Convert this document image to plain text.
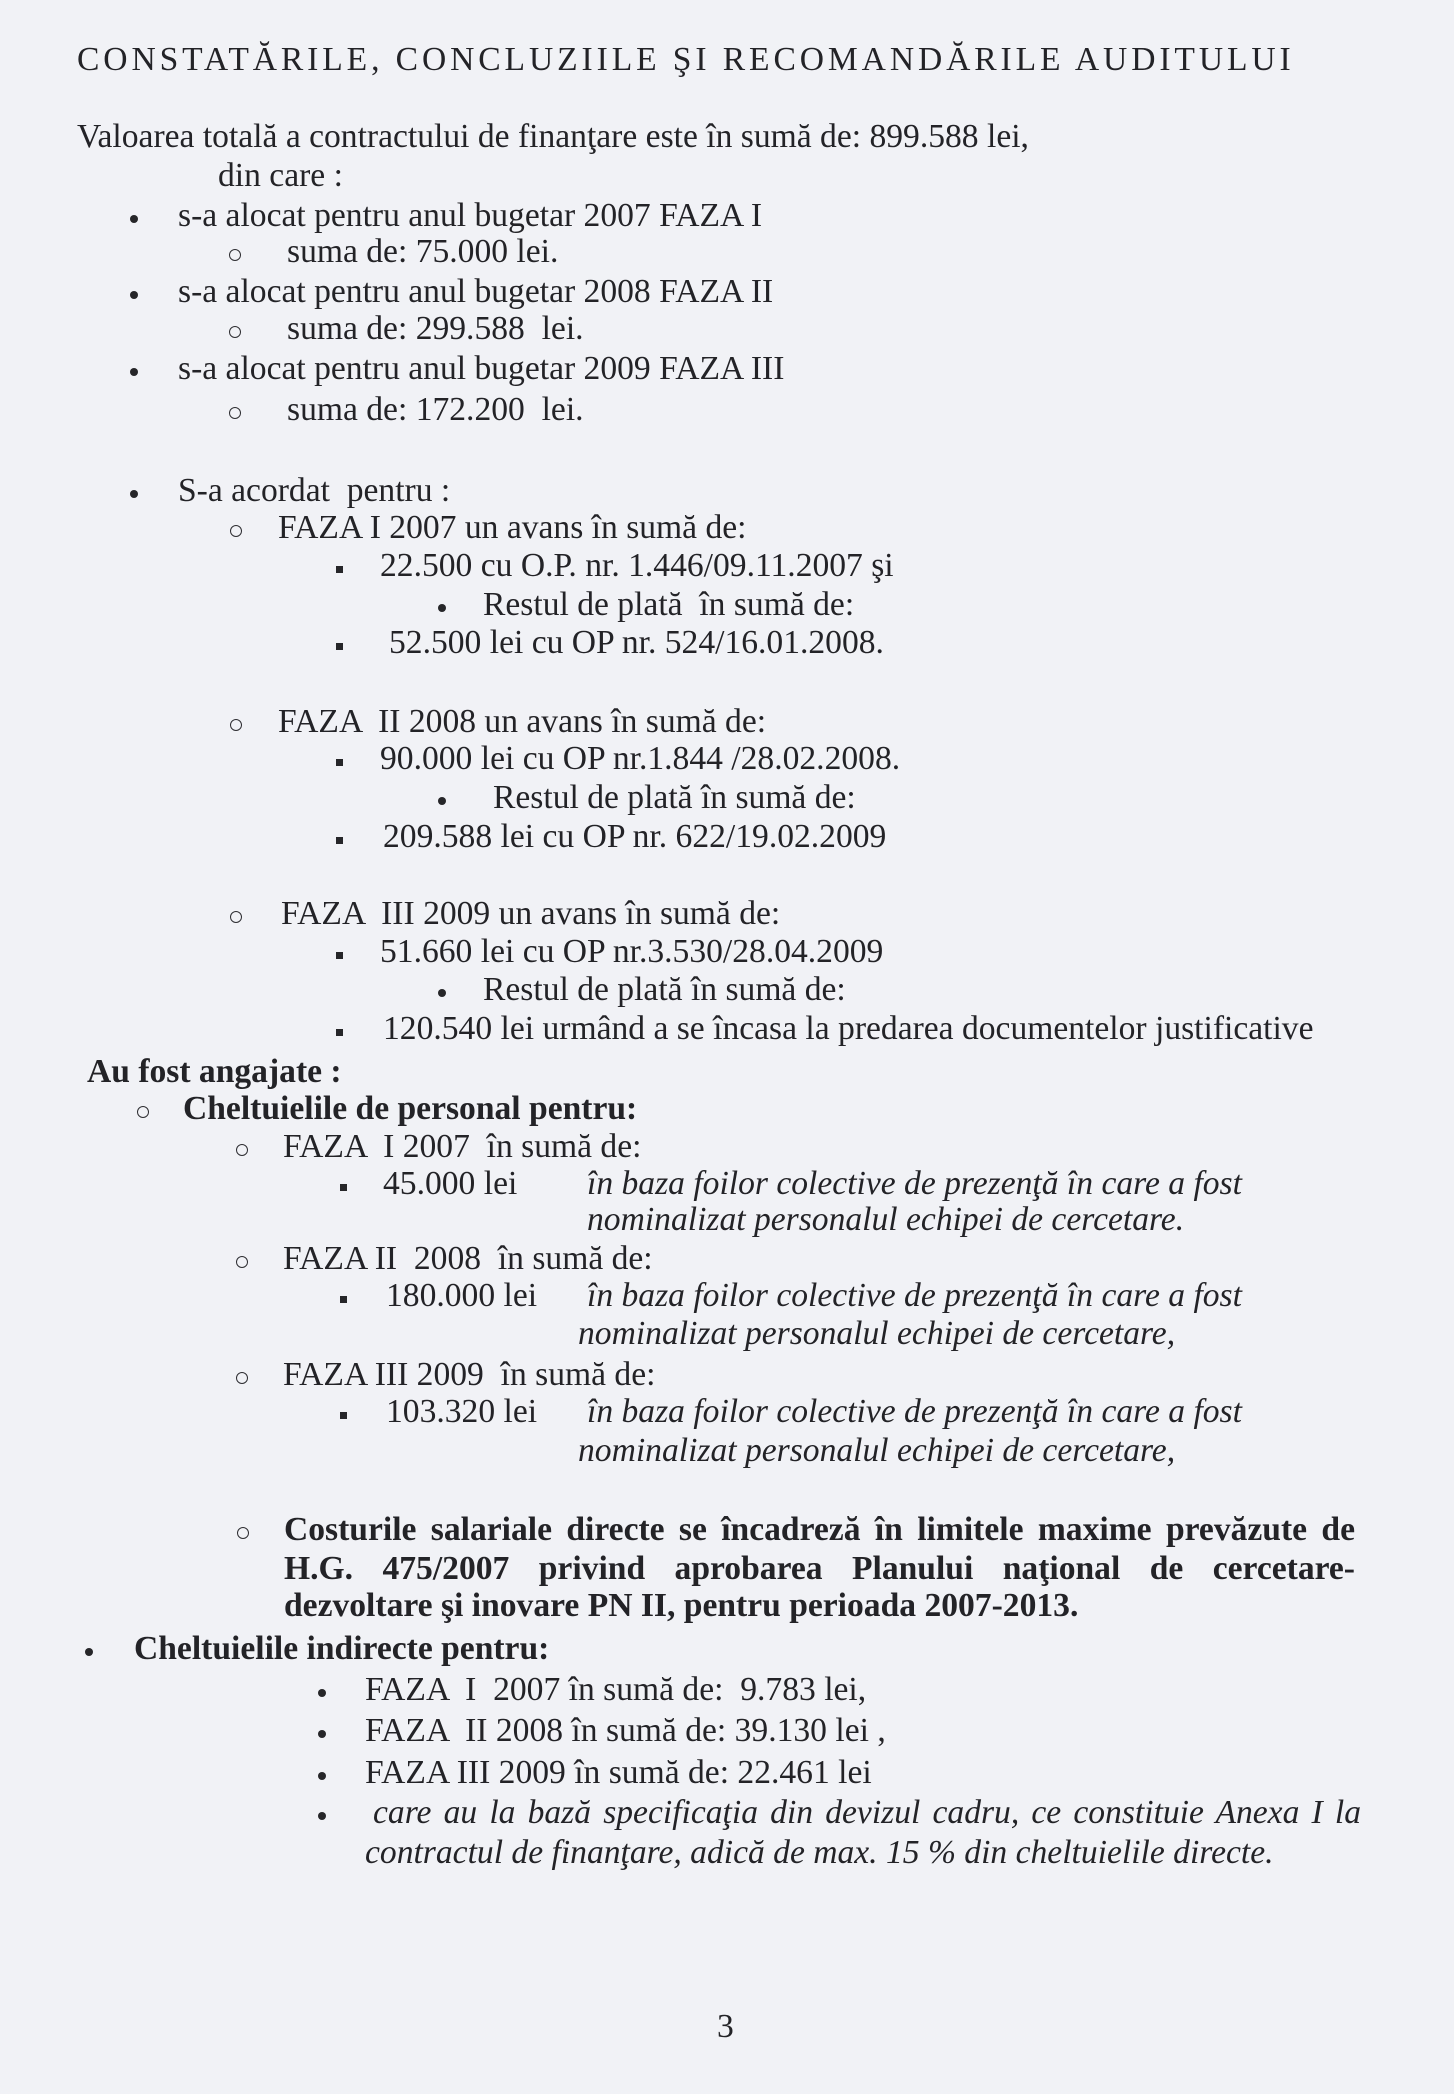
CONSTATĂRILE, CONCLUZIILE ŞI RECOMANDĂRILE AUDITULUI
Valoarea totală a contractului de finanţare este în sumă de: 899.588 lei,
din care :
s-a alocat pentru anul bugetar 2007 FAZA I
suma de: 75.000 lei.
s-a alocat pentru anul bugetar 2008 FAZA II
suma de: 299.588  lei.
s-a alocat pentru anul bugetar 2009 FAZA III
suma de: 172.200  lei.
S-a acordat  pentru :
FAZA I 2007 un avans în sumă de:
22.500 cu O.P. nr. 1.446/09.11.2007 şi
Restul de plată  în sumă de:
52.500 lei cu OP nr. 524/16.01.2008.
FAZA  II 2008 un avans în sumă de:
90.000 lei cu OP nr.1.844 /28.02.2008.
Restul de plată în sumă de:
209.588 lei cu OP nr. 622/19.02.2009
FAZA  III 2009 un avans în sumă de:
51.660 lei cu OP nr.3.530/28.04.2009
Restul de plată în sumă de:
120.540 lei urmând a se încasa la predarea documentelor justificative
Au fost angajate :
Cheltuielile de personal pentru:
FAZA  I 2007  în sumă de:
45.000 lei în baza foilor colective de prezenţă în care a fost
nominalizat personalul echipei de cercetare.
FAZA II  2008  în sumă de:
180.000 lei în baza foilor colective de prezenţă în care a fost
nominalizat personalul echipei de cercetare,
FAZA III 2009  în sumă de:
103.320 lei în baza foilor colective de prezenţă în care a fost
nominalizat personalul echipei de cercetare,
Costurile salariale directe se încadreză în limitele maxime prevăzute de
H.G. 475/2007 privind aprobarea Planului naţional de cercetare-
dezvoltare şi inovare PN II, pentru perioada 2007-2013.
Cheltuielile indirecte pentru:
FAZA  I  2007 în sumă de:  9.783 lei,
FAZA  II 2008 în sumă de: 39.130 lei ,
FAZA III 2009 în sumă de: 22.461 lei
care au la bază specificaţia din devizul cadru, ce constituie Anexa I la
contractul de finanţare, adică de max. 15 % din cheltuielile directe.
3
